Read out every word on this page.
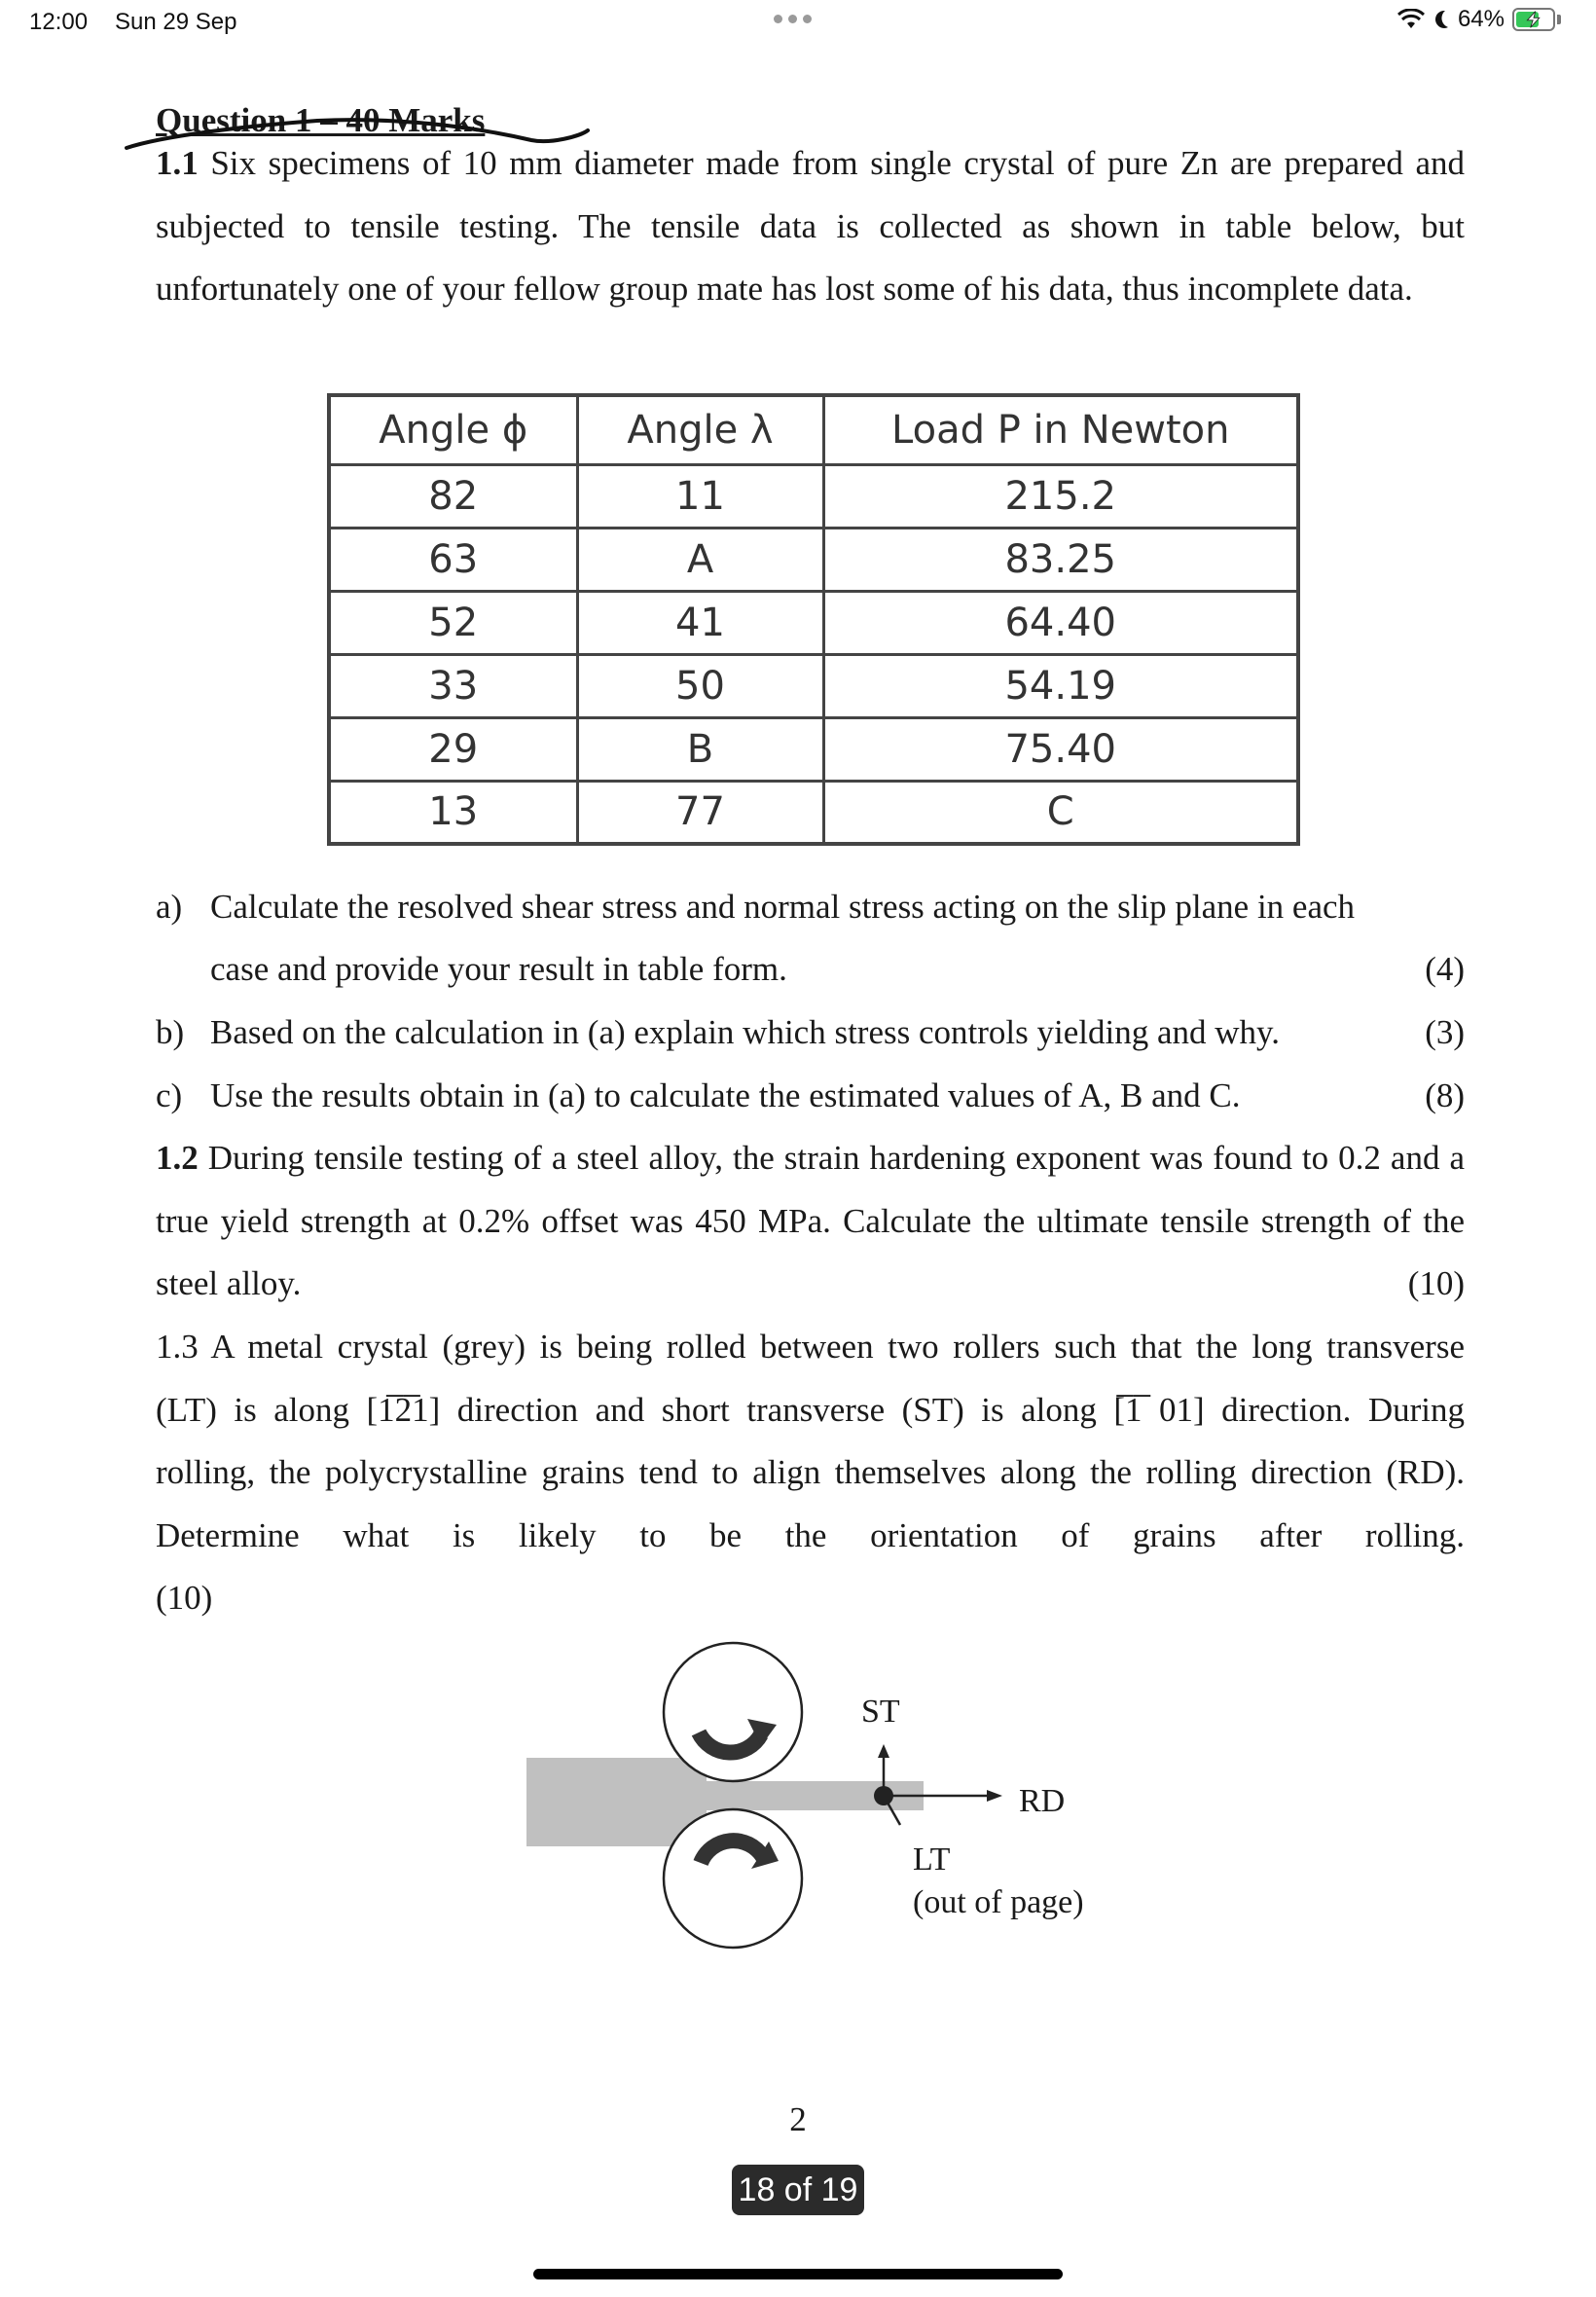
12:00 Sun 29 Sep	64%
Question 1 – 40 Marks
1.1 Six specimens of 10 mm diameter made from single crystal of pure Zn are prepared and subjected to tensile testing. The tensile data is collected as shown in table below, but unfortunately one of your fellow group mate has lost some of his data, thus incomplete data.
Angle ϕ	Angle λ	Load P in Newton
82	11	215.2
63	A	83.25
52	41	64.40
33	50	54.19
29	B	75.40
13	77	C
a) Calculate the resolved shear stress and normal stress acting on the slip plane in each case and provide your result in table form.	(4)
b) Based on the calculation in (a) explain which stress controls yielding and why.	(3)
c) Use the results obtain in (a) to calculate the estimated values of A, B and C.	(8)
1.2 During tensile testing of a steel alloy, the strain hardening exponent was found to 0.2 and a true yield strength at 0.2% offset was 450 MPa. Calculate the ultimate tensile strength of the steel alloy.	(10)
1.3 A metal crystal (grey) is being rolled between two rollers such that the long transverse
(LT) is along [1̅2̅1] direction and short transverse (ST) is along [̅1̅ 01] direction. During
rolling, the polycrystalline grains tend to align themselves along the rolling direction (RD).
Determine what is likely to be the orientation of grains after rolling.
(10)
ST
RD
LT
(out of page)
2
18 of 19
